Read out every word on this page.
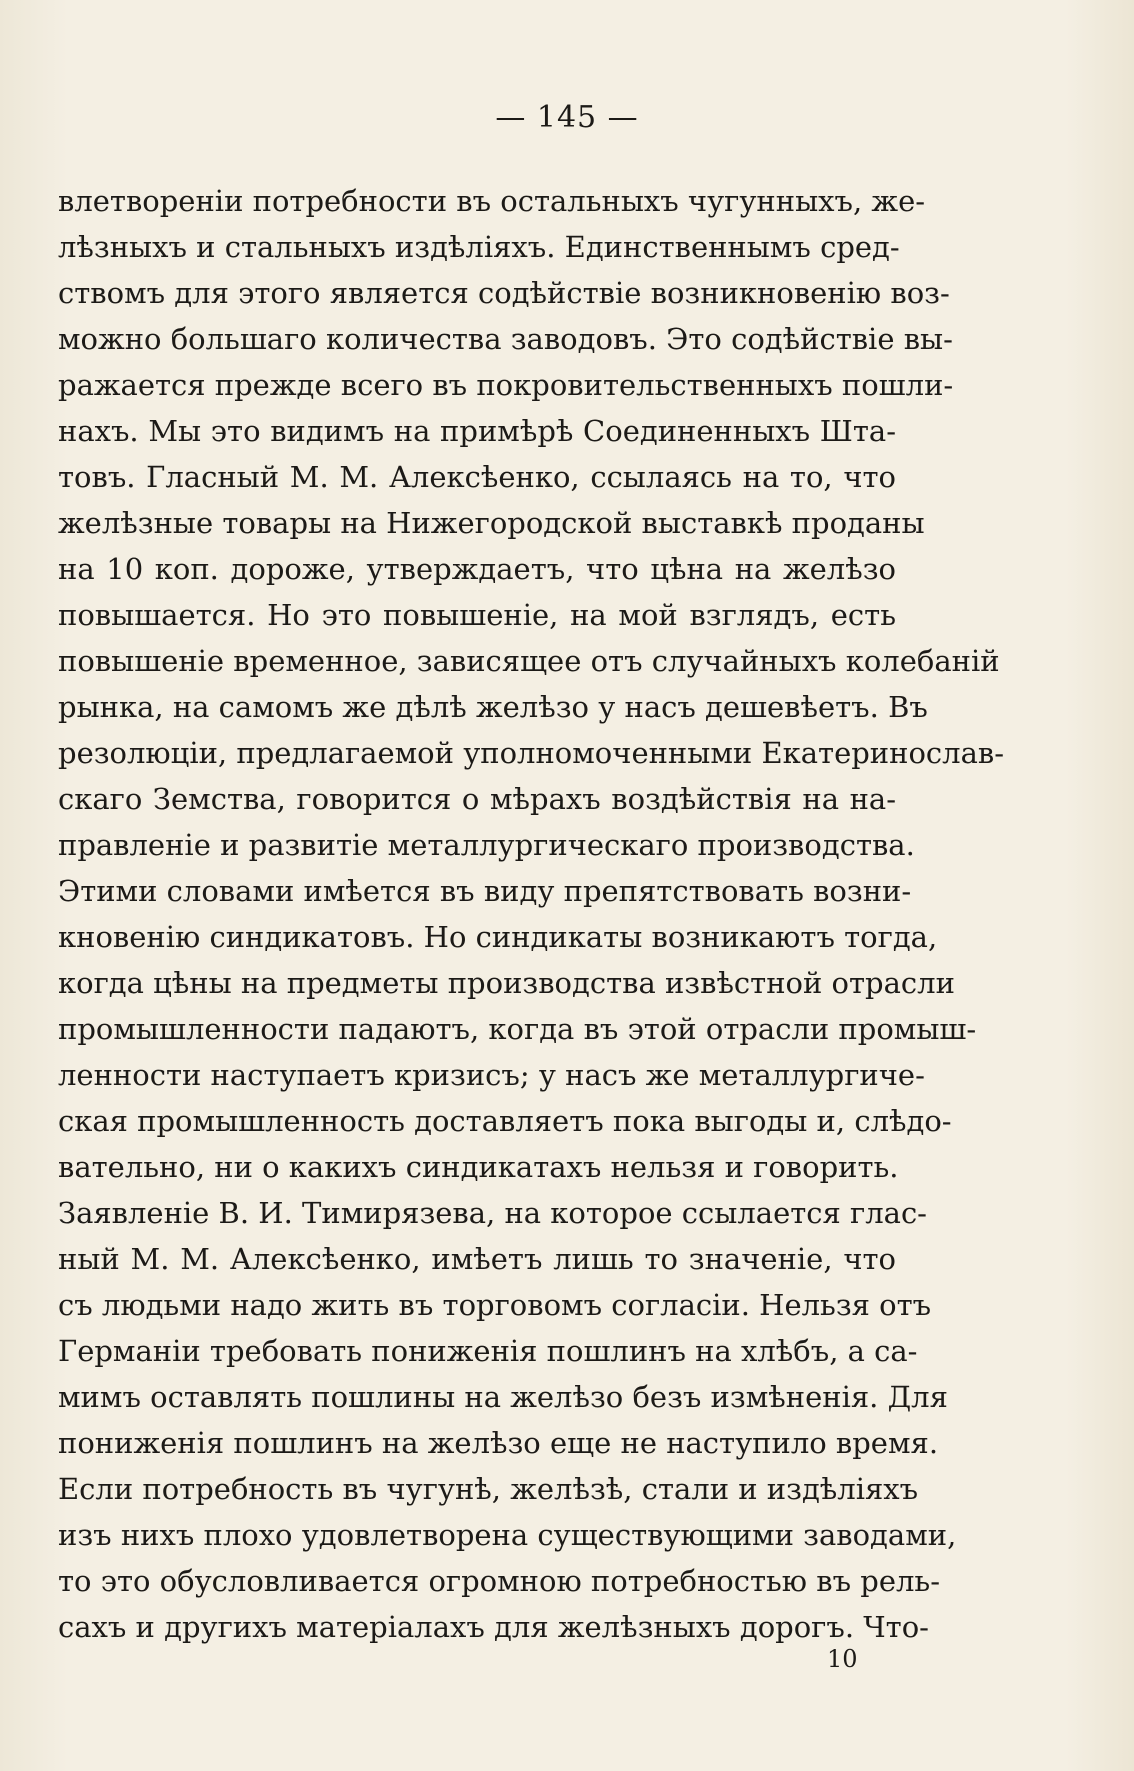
— 145 —
влетвореніи потребности въ остальныхъ чугунныхъ, же-
лѣзныхъ и стальныхъ издѣліяхъ. Единственнымъ сред-
ствомъ для этого является содѣйствіе возникновенію воз-
можно большаго количества заводовъ. Это содѣйствіе вы-
ражается прежде всего въ покровительственныхъ пошли-
нахъ. Мы это видимъ на примѣрѣ Соединенныхъ Шта-
товъ. Гласный М. М. Алексѣенко, ссылаясь на то, что
желѣзные товары на Нижегородской выставкѣ проданы
на 10 коп. дороже, утверждаетъ, что цѣна на желѣзо
повышается. Но это повышеніе, на мой взглядъ, есть
повышеніе временное, зависящее отъ случайныхъ колебаній
рынка, на самомъ же дѣлѣ желѣзо у насъ дешевѣетъ. Въ
резолюціи, предлагаемой уполномоченными Екатеринослав-
скаго Земства, говорится о мѣрахъ воздѣйствія на на-
правленіе и развитіе металлургическаго производства.
Этими словами имѣется въ виду препятствовать возни-
кновенію синдикатовъ. Но синдикаты возникаютъ тогда,
когда цѣны на предметы производства извѣстной отрасли
промышленности падаютъ, когда въ этой отрасли промыш-
ленности наступаетъ кризисъ; у насъ же металлургиче-
ская промышленность доставляетъ пока выгоды и, слѣдо-
вательно, ни о какихъ синдикатахъ нельзя и говорить.
Заявленіе В. И. Тимирязева, на которое ссылается глас-
ный М. М. Алексѣенко, имѣетъ лишь то значеніе, что
съ людьми надо жить въ торговомъ согласіи. Нельзя отъ
Германіи требовать пониженія пошлинъ на хлѣбъ, а са-
мимъ оставлять пошлины на желѣзо безъ измѣненія. Для
пониженія пошлинъ на желѣзо еще не наступило время.
Если потребность въ чугунѣ, желѣзѣ, стали и издѣліяхъ
изъ нихъ плохо удовлетворена существующими заводами,
то это обусловливается огромною потребностью въ рель-
сахъ и другихъ матеріалахъ для желѣзныхъ дорогъ. Что-
10
